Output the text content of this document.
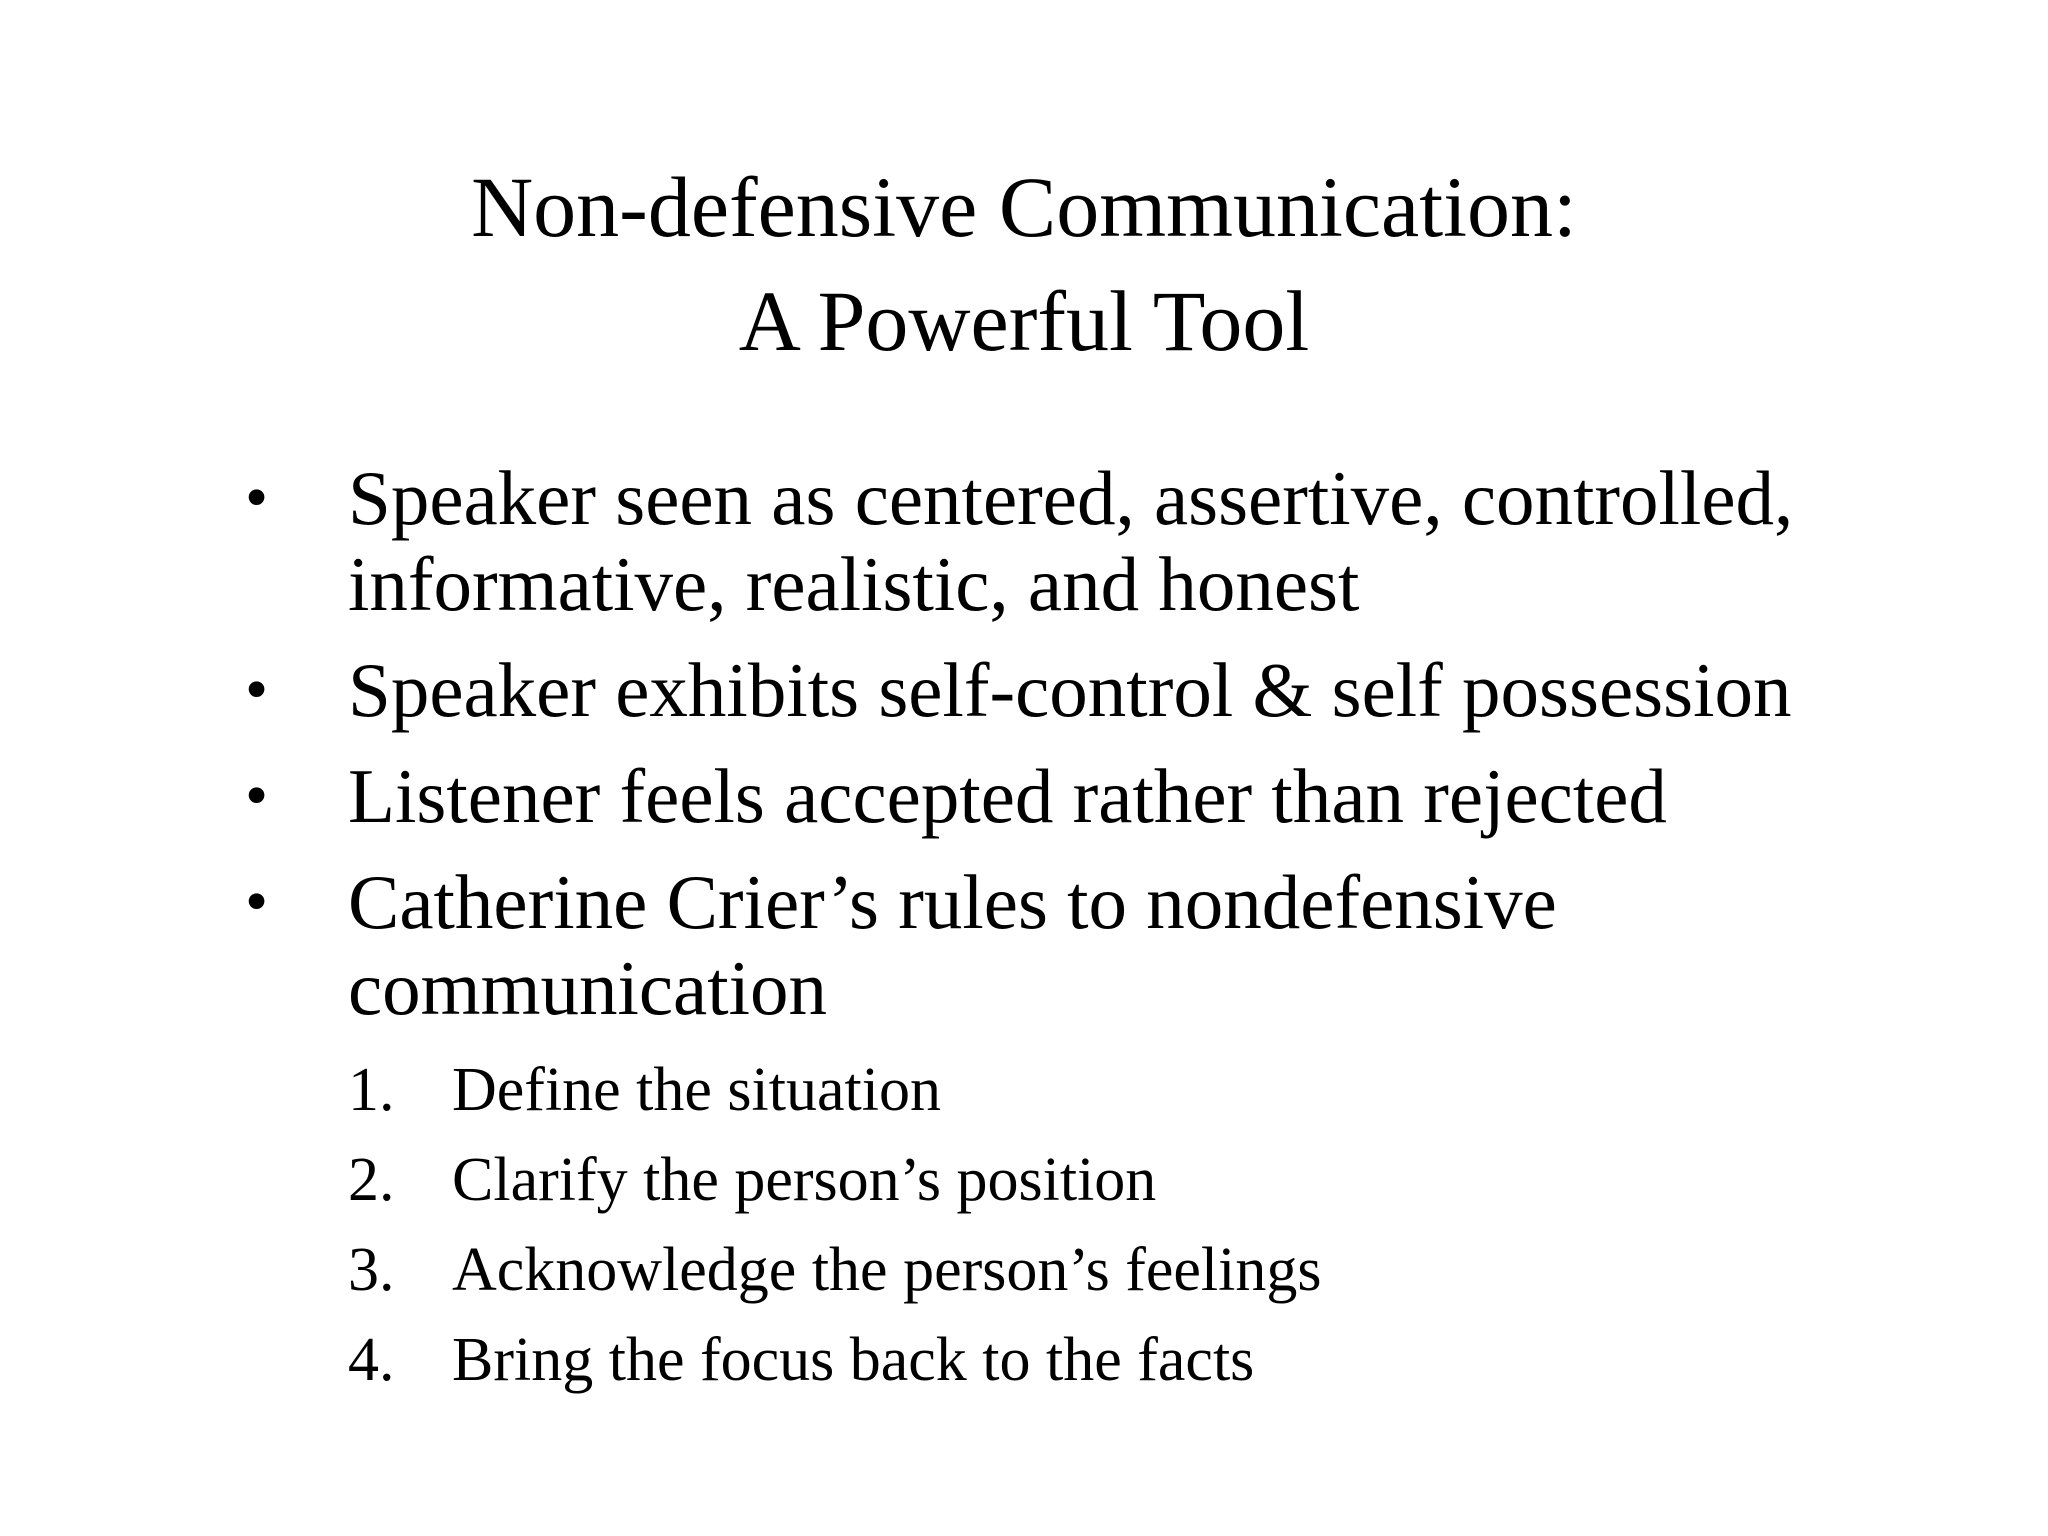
Non-defensive Communication:
A Powerful Tool
• Speaker seen as centered, assertive, controlled,
informative, realistic, and honest
• Speaker exhibits self-control & self possession
• Listener feels accepted rather than rejected
• Catherine Crier’s rules to nondefensive
communication
1. Define the situation
2. Clarify the person’s position
3. Acknowledge the person’s feelings
4. Bring the focus back to the facts
